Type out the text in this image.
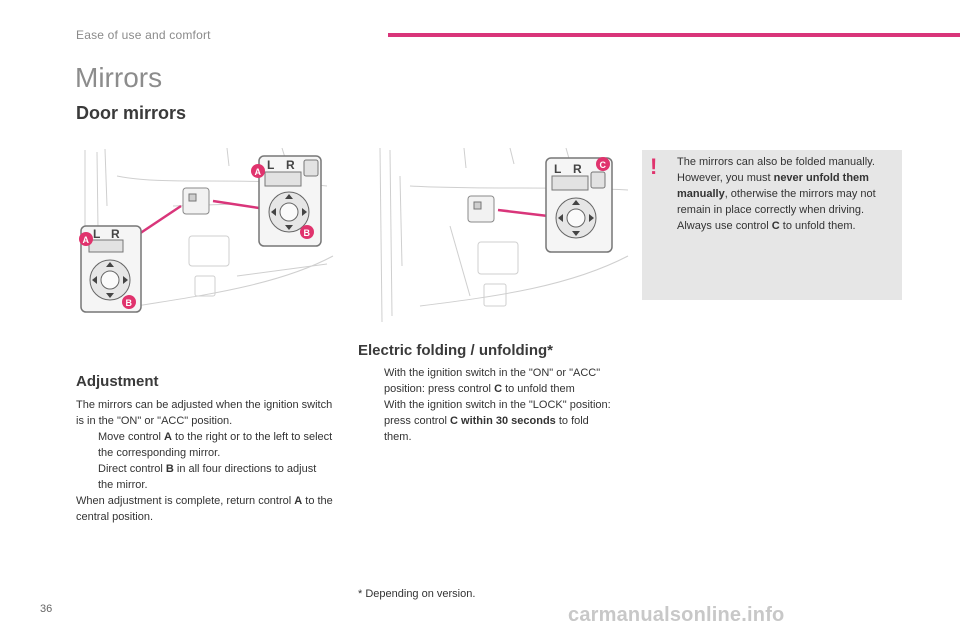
Ease of use and comfort
Mirrors
Door mirrors
L R
A
B
L R
A
B
L R C ! The mirrors can also be folded manually.

However, you must never unfold them manually, otherwise the mirrors may not remain in place correctly when driving.

Always use control C to unfold them.

Adjustment

The mirrors can be adjusted when the ignition switch is in the "ON" or "ACC" position.

Move control A to the right or to the left to select the corresponding mirror.

Direct control B in all four directions to adjust the mirror.

When adjustment is complete, return control A to the central position.

Electric folding / unfolding*

With the ignition switch in the "ON" or "ACC" position: press control C to unfold them

With the ignition switch in the "LOCK" position: press control C within 30 seconds to fold them.

* Depending on version.
36	carmanualsonline.info
